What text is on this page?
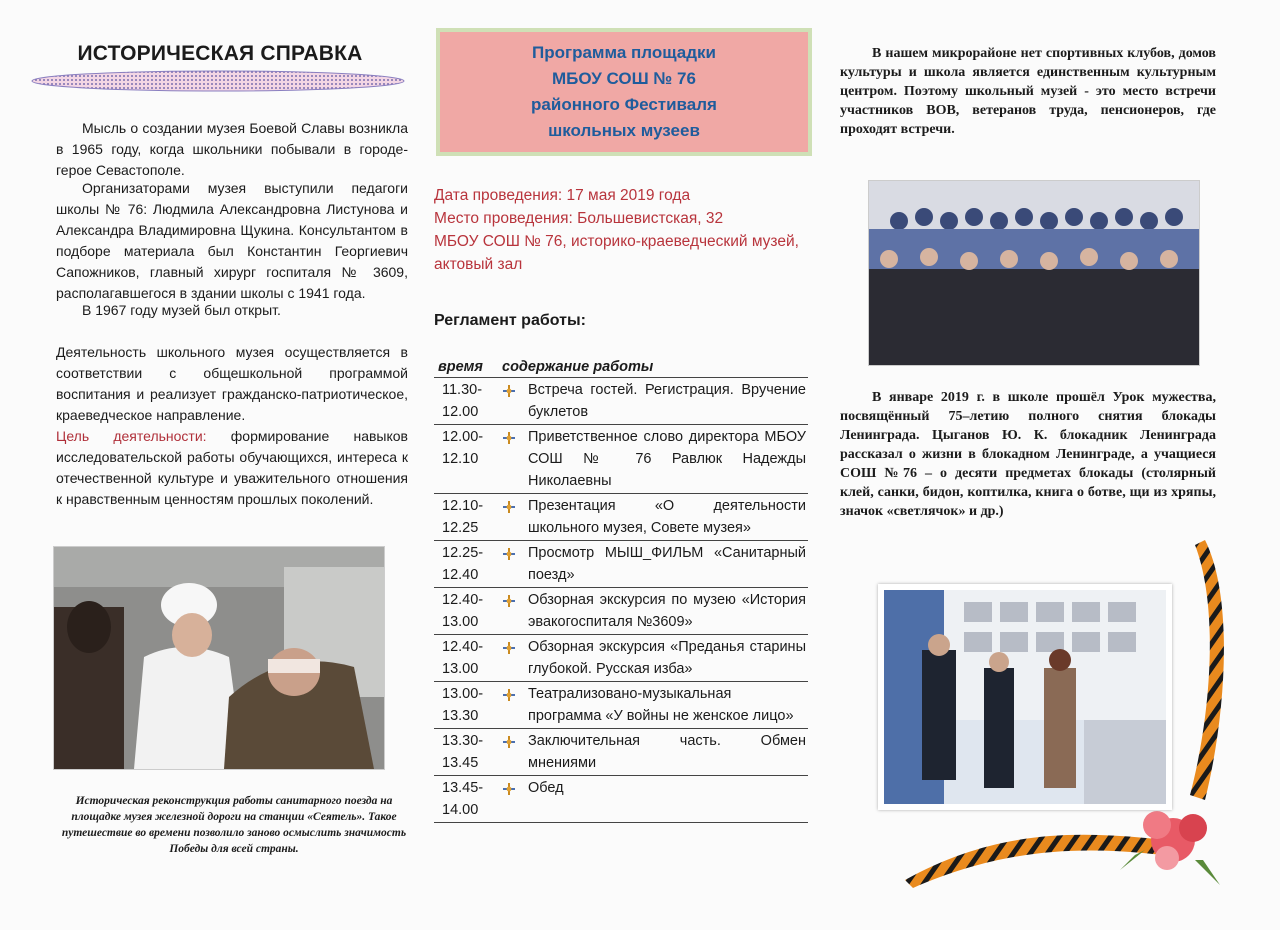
ИСТОРИЧЕСКАЯ СПРАВКА

Мысль о создании музея Боевой Славы возникла в 1965 году, когда школьники побывали в городе-герое Севастополе.

Организаторами музея выступили педагоги школы № 76: Людмила Александровна Листунова и Александра Владимировна Щукина. Консультантом в подборе материала был Константин Георгиевич Сапожников, главный хирург госпиталя № 3609, располагавшегося в здании школы с 1941 года.

В 1967 году музей был открыт.

Деятельность школьного музея осуществляется в соответствии с общешкольной программой воспитания и реализует гражданско-патриотическое, краеведческое направление.

Цель деятельности: формирование навыков исследовательской работы обучающихся, интереса к отечественной культуре и уважительного отношения к нравственным ценностям прошлых поколений.

Историческая реконструкция работы санитарного поезда на площадке музея железной дороги на станции «Сеятель». Такое путешествие во времени позволило заново осмыслить значимость Победы для всей страны.
Программа площадки
МБОУ СОШ № 76
районного Фестиваля
школьных музеев
Дата проведения: 17 мая 2019 года
Место проведения: Большевистская, 32
МБОУ СОШ № 76, историко-краеведческий музей, актовый зал
Регламент работы:
время	содержание работы	
11.30-
12.00		Встреча гостей. Регистрация. Вручение буклетов
12.00-
12.10		Приветственное слово директора МБОУ СОШ № 76 Равлюк Надежды Николаевны
12.10-
12.25		Презентация «О деятельности школьного музея, Совете музея»
12.25-
12.40		Просмотр МЫШ_ФИЛЬМ «Санитарный поезд»
12.40-
13.00		Обзорная экскурсия по музею «История эвакогоспиталя №3609»
12.40-
13.00		Обзорная экскурсия «Преданья старины глубокой. Русская изба»
13.00-
13.30		Театрализовано-музыкальная программа «У войны не женское лицо»
13.30-
13.45		Заключительная часть. Обмен мнениями
13.45-
14.00		Обед

В нашем микрорайоне нет спортивных клубов, домов культуры и школа является единственным культурным центром. Поэтому школьный музей - это место встречи участников ВОВ, ветеранов труда, пенсионеров, где проходят встречи.

В январе 2019 г. в школе прошёл Урок мужества, посвящённый 75–летию полного снятия блокады Ленинграда. Цыганов Ю. К. блокадник Ленинграда рассказал о жизни в блокадном Ленинграде, а учащиеся СОШ №76 – о десяти предметах блокады (столярный клей, санки, бидон, коптилка, книга о ботве, щи из хряпы, значок «светлячок» и др.)
